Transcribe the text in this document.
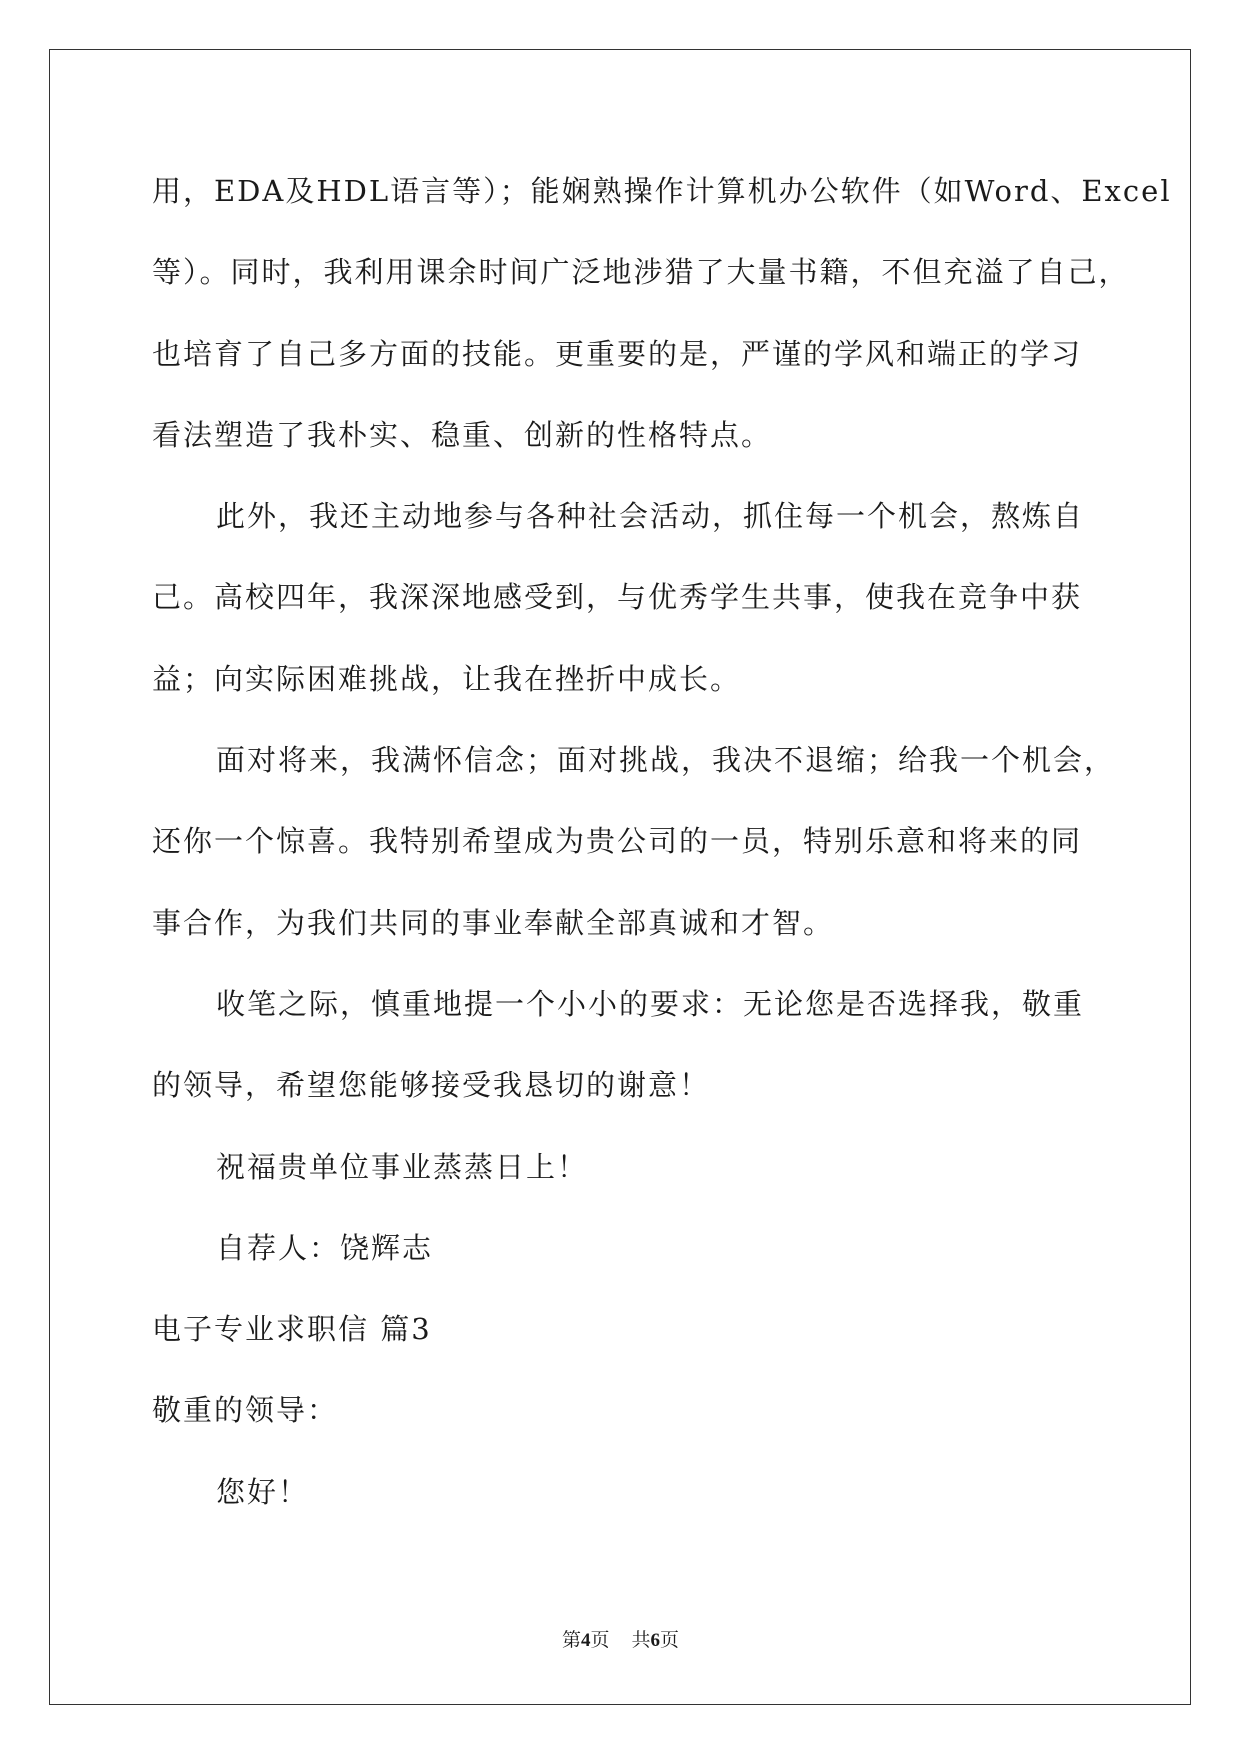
用，EDA及HDL语言等）；能娴熟操作计算机办公软件（如Word、Excel
等）。同时，我利用课余时间广泛地涉猎了大量书籍，不但充溢了自己，
也培育了自己多方面的技能。更重要的是，严谨的学风和端正的学习
看法塑造了我朴实、稳重、创新的性格特点。
此外，我还主动地参与各种社会活动，抓住每一个机会，熬炼自
己。高校四年，我深深地感受到，与优秀学生共事，使我在竞争中获
益；向实际困难挑战，让我在挫折中成长。
面对将来，我满怀信念；面对挑战，我决不退缩；给我一个机会，
还你一个惊喜。我特别希望成为贵公司的一员，特别乐意和将来的同
事合作，为我们共同的事业奉献全部真诚和才智。
收笔之际，慎重地提一个小小的要求：无论您是否选择我，敬重
的领导，希望您能够接受我恳切的谢意！
祝福贵单位事业蒸蒸日上！
自荐人：饶辉志
电子专业求职信 篇3
敬重的领导：
您好！
第4页 共6页
